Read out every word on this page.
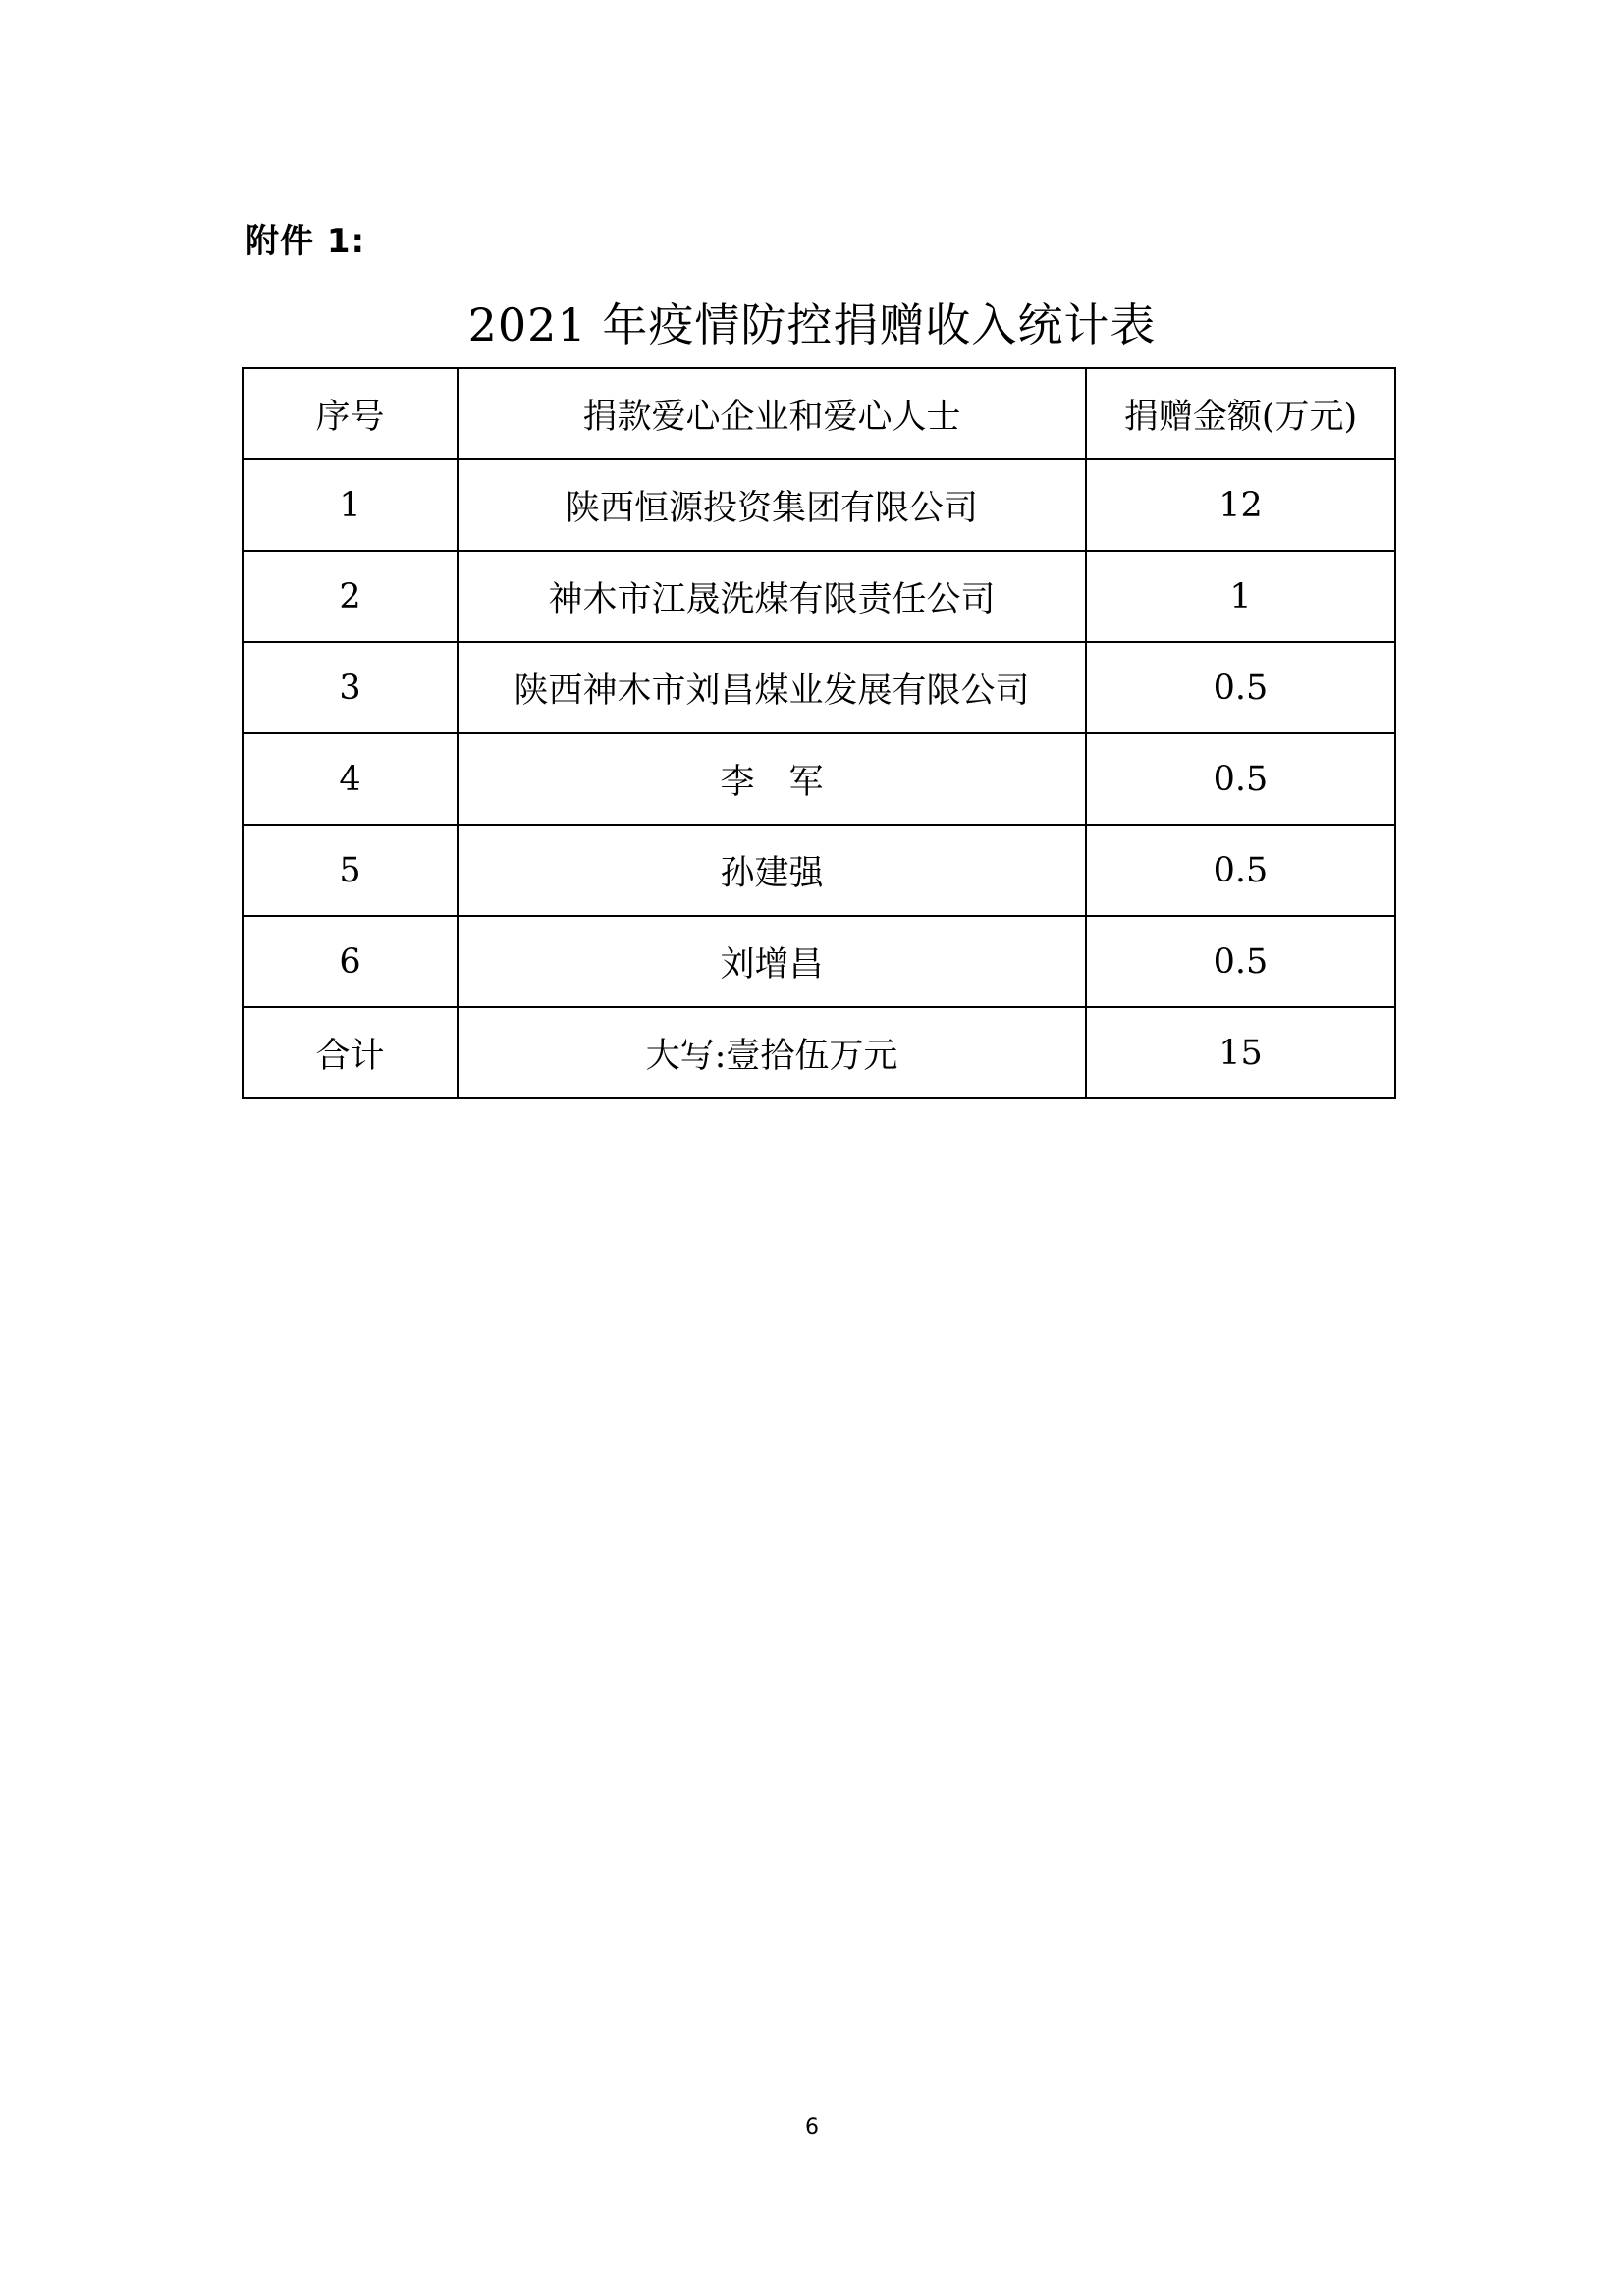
附件 1:
2021 年疫情防控捐赠收入统计表
序号	捐款爱心企业和爱心人士	捐赠金额(万元)
1	陕西恒源投资集团有限公司	12
2	神木市江晟洗煤有限责任公司	1
3	陕西神木市刘昌煤业发展有限公司	0.5
4	李　军	0.5
5	孙建强	0.5
6	刘增昌	0.5
合计	大写:壹拾伍万元	15
6
